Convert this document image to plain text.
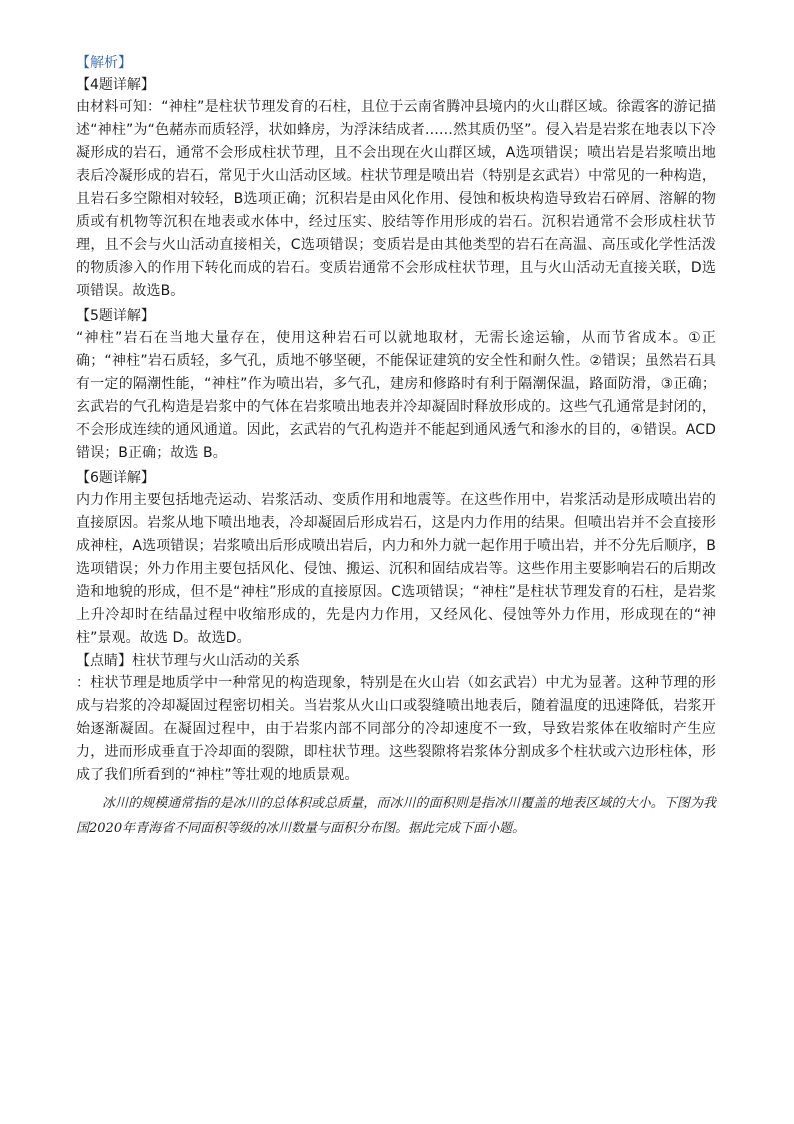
【解析】

【4题详解】

由材料可知：“神柱”是柱状节理发育的石柱，且位于云南省腾冲县境内的火山群区域。徐霞客的游记描述“神柱”为“色赭赤而质轻浮，状如蜂房，为浮沫结成者……然其质仍坚”。侵入岩是岩浆在地表以下冷凝形成的岩石，通常不会形成柱状节理，且不会出现在火山群区域，A选项错误；喷出岩是岩浆喷出地表后冷凝形成的岩石，常见于火山活动区域。柱状节理是喷出岩（特别是玄武岩）中常见的一种构造，且岩石多空隙相对较轻，B选项正确；沉积岩是由风化作用、侵蚀和板块构造导致岩石碎屑、溶解的物质或有机物等沉积在地表或水体中，经过压实、胶结等作用形成的岩石。沉积岩通常不会形成柱状节理，且不会与火山活动直接相关，C选项错误；变质岩是由其他类型的岩石在高温、高压或化学性活泼的物质渗入的作用下转化而成的岩石。变质岩通常不会形成柱状节理，且与火山活动无直接关联，D选项错误。故选B。

【5题详解】

“神柱”岩石在当地大量存在，使用这种岩石可以就地取材，无需长途运输，从而节省成本。①正确；“神柱”岩石质轻，多气孔，质地不够坚硬，不能保证建筑的安全性和耐久性。②错误；虽然岩石具有一定的隔潮性能，“神柱”作为喷出岩，多气孔，建房和修路时有利于隔潮保温，路面防滑，③正确；玄武岩的气孔构造是岩浆中的气体在岩浆喷出地表并冷却凝固时释放形成的。这些气孔通常是封闭的，不会形成连续的通风通道。因此，玄武岩的气孔构造并不能起到通风透气和渗水的目的，④错误。ACD错误；B正确；故选 B。

【6题详解】

内力作用主要包括地壳运动、岩浆活动、变质作用和地震等。在这些作用中，岩浆活动是形成喷出岩的直接原因。岩浆从地下喷出地表，冷却凝固后形成岩石，这是内力作用的结果。但喷出岩并不会直接形成神柱，A选项错误；岩浆喷出后形成喷出岩后，内力和外力就一起作用于喷出岩，并不分先后顺序，B选项错误；外力作用主要包括风化、侵蚀、搬运、沉积和固结成岩等。这些作用主要影响岩石的后期改造和地貌的形成，但不是“神柱”形成的直接原因。C选项错误；“神柱”是柱状节理发育的石柱，是岩浆上升冷却时在结晶过程中收缩形成的，先是内力作用，又经风化、侵蚀等外力作用，形成现在的“神柱”景观。故选 D。故选D。

【点睛】柱状节理与火山活动的关系

：柱状节理是地质学中一种常见的构造现象，特别是在火山岩（如玄武岩）中尤为显著。这种节理的形成与岩浆的冷却凝固过程密切相关。当岩浆从火山口或裂缝喷出地表后，随着温度的迅速降低，岩浆开始逐渐凝固。在凝固过程中，由于岩浆内部不同部分的冷却速度不一致，导致岩浆体在收缩时产生应力，进而形成垂直于冷却面的裂隙，即柱状节理。这些裂隙将岩浆体分割成多个柱状或六边形柱体，形成了我们所看到的“神柱”等壮观的地质景观。

冰川的规模通常指的是冰川的总体积或总质量，而冰川的面积则是指冰川覆盖的地表区域的大小。下图为我国2020年青海省不同面积等级的冰川数量与面积分布图。据此完成下面小题。
